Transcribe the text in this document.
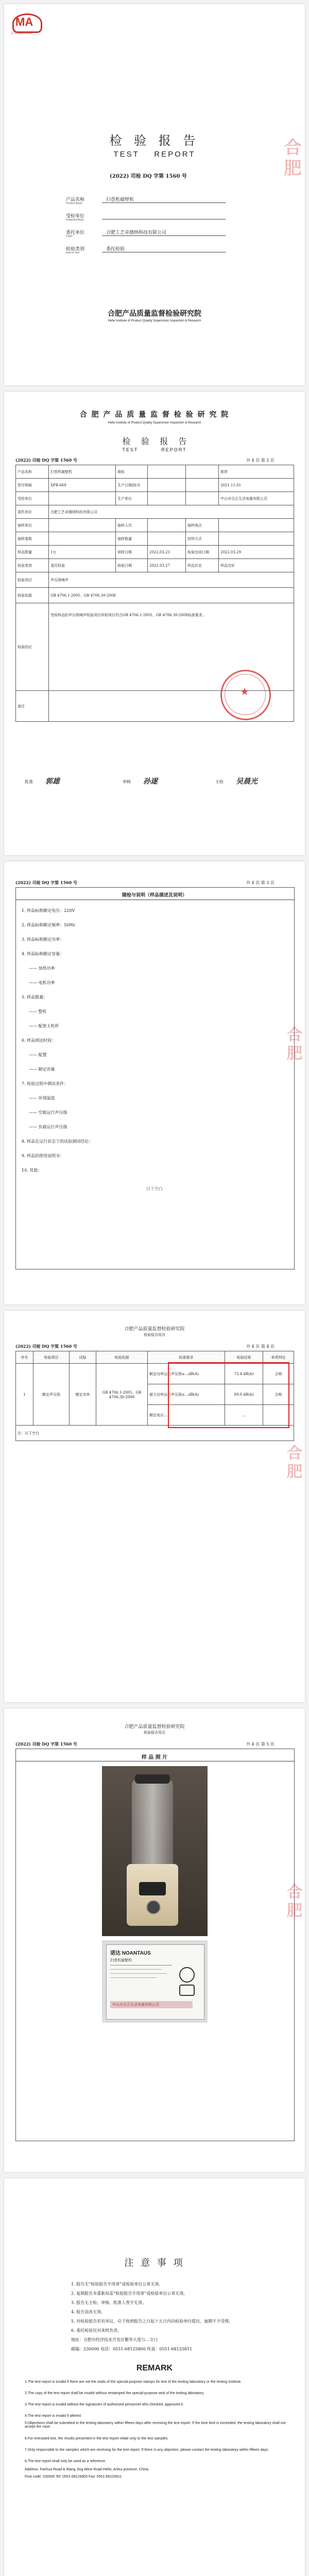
MA
171234567890
检 验 报 告
TEST    REPORT
(2022) 司检 DQ 字第 1560 号
产品名称
Product Name
扫苍机破壁机
受检单位
Inspected Body
委托单位
Client
合肥工艺卓德纳科技有限公司
检验类别
Kind of Test
委托检验
合肥产品质量监督检验研究院
Hefei Institute of Product Quality Supervision Inspection & Research
合肥
合 肥 产 品 质 量 监 督 检 验 研 究 院
Hefei Institute of Product Quality Supervision Inspection & Research
检    验    报    告
TEST          REPORT
(2022) 司检 DQ 字第 1560 号	共 4 页 第 2 页
产品名称	扫苍机破壁机	商标			推荐
型号规格	XPB-669	生产日期/批号			2021.11.01
受检单位		生产单位			中山市百正生活电器有限公司
委托单位	合肥工艺卓德纳科技有限公司				
抽样单位		抽样人员		抽样地点	
抽样基数		抽样数量		封样方式	
样品数量	1台	到样日期	2022.03.23	检验完成日期	2022.03.29
检验类别	委托检验	检验日期	2022.03.27	样品状态	样品完好
检验项目	声压级噪声				
检验依据	GB 4706.1-2005、GB 4706.30-2008				
检验结论	受检样品的声压级噪声检验项目所检项目符合GB 4706.1-2005、GB 4706.30-2008标准要求。				
备注					
★
批准 郭雄	审核 孙遂	主检 吴晨光
(2022) 司检 DQ 字第 1560 号	共 4 页 第 3 页
随检与说明（样品描述及说明）
1. 样品标称额定电压：220V
2. 样品标称额定频率：50Hz
3. 样品标称额定功率：
4. 样品标称额定容量：
—— 加热功率
—— 电机功率
5. 样品数量：
—— 整机
—— 配套主机杯
6. 样品到达时间：
—— 配置
—— 额定容量
7. 检验过程中测试条件：
—— 环境温度
—— 空载运行声压级
—— 负载运行声压级
8. 样品在运行状态下的试验测试结论：
9. 样品的使用说明书：
10. 其他：
以下空白
合肥
合肥产品质量监督检验研究院
检验报告用页
(2022) 司检 DQ 字第 1560 号	共 4 页 第 4 页
序号	检验项目	试验	检验依据	标准要求	检验结果	单项判定
1	额定声压级	额定功率	GB 4706.1-2005、GB 4706.30-2008	额定功率运行声压级≤…dB(A)	73.4 dB(A)	合格
				最大功率运行声压级≤…dB(A)	89.0 dB(A)	合格
				额定电压…	…	
注：以下空白						
合肥
合肥产品质量监督检验研究院
检验报告用页
(2022) 司检 DQ 字第 1560 号	共 4 页 第 5 页
样 品 照 片
诺达 NOANTAUS
扫苍机破壁机
中山市百正生活电器有限公司
合肥
注 意 事 项
1. 报告无“检验报告专用章”或检验单位公章无效。
2. 复制报告未重新加盖“检验报告专用章”或检验单位公章无效。
3. 报告无主检、审核、批准人签字无效。
4. 报告涂改无效。
5. 对检验报告若有异议，应于收到报告之日起十五日内向检验单位提出，逾期不予受理。
6. 委托检验仅对来样负责。
地址：合肥市经济技术开发区繁华大道与…交口
邮编：230000 电话：0551-68125800 传真：0551-68125811
REMARK
1.The test report is invalid if there are not the seals of the special-purpose stamps for test of the testing laboratory or the testing institute.
2.The copy of the test report shall be invalid without restamped the special-purpose seal of the testing laboratory.
3.The test report is invalid without the signatures of authorized personnel who checked, approved it.
4.The test report is invalid if altered.
5.Objections shall be submitted to the testing laboratory within fifteen days after receiving the test report. If the time limit is exceeded, the testing laboratory shall not accept the case.
6.For entrusted test, the results presented in the test report relate only to the test samples.
7.Only responsible to the samples which are receiving for the test report. If there is any objection, please contact the testing laboratory within fifteen days.
8.The test report shall only be used as a reference.
Address: Fanhua Road & Wang Jing West Road Hefei, Anhui province, China
Post code: 230000 Tel: 0551-68125800 Fax: 0551-68125811
